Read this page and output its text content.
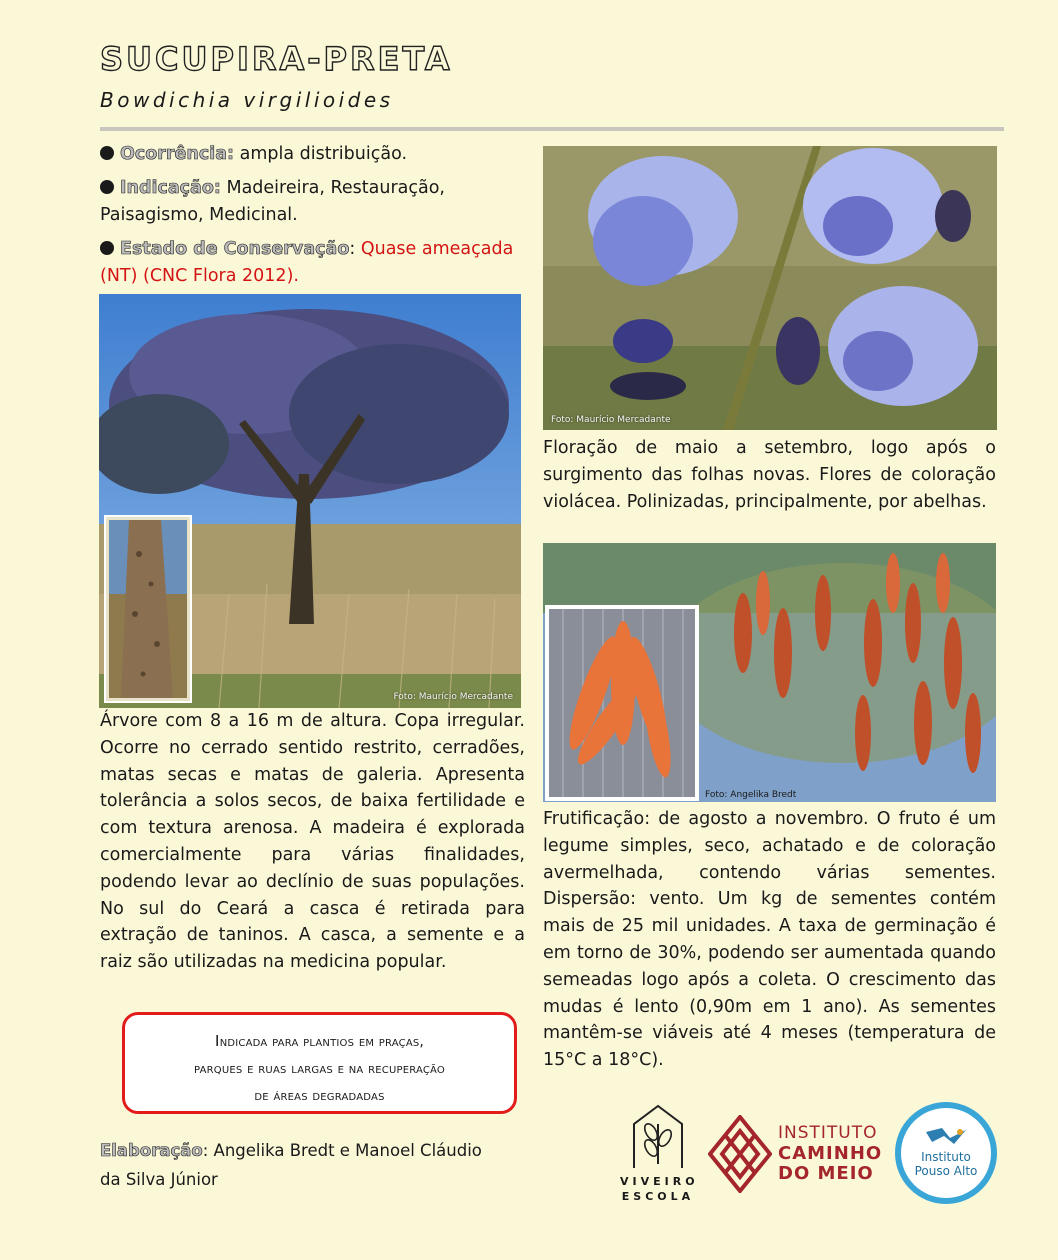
SUCUPIRA-PRETA
Bowdichia virgilioides
Ocorrência: ampla distribuição.
Indicação: Madeireira, Restauração, Paisagismo, Medicinal.
Estado de Conservação: Quase ameaçada (NT) (CNC Flora 2012).
Foto: Maurício Mercadante
Árvore com 8 a 16 m de altura. Copa irregular. Ocorre no cerrado sentido restrito, cerradões, matas secas e matas de galeria. Apresenta tolerância a solos secos, de baixa fertilidade e com textura arenosa. A madeira é explorada comercialmente para várias finalidades, podendo levar ao declínio de suas populações. No sul do Ceará a casca é retirada para extração de taninos. A casca, a semente e a raiz são utilizadas na medicina popular.
Indicada para plantios em praças,
parques e ruas largas e na recuperação
de áreas degradadas
Elaboração: Angelika Bredt e Manoel Cláudio da Silva Júnior
Foto: Maurício Mercadante
Floração de maio a setembro, logo após o surgimento das folhas novas. Flores de coloração violácea. Polinizadas, principalmente, por abelhas.
Foto: Angelika Bredt
Frutificação: de agosto a novembro. O fruto é um legume simples, seco, achatado e de coloração avermelhada, contendo várias sementes. Dispersão: vento. Um kg de sementes contém mais de 25 mil unidades. A taxa de germinação é em torno de 30%, podendo ser aumentada quando semeadas logo após a coleta. O crescimento das mudas é lento (0,90m em 1 ano). As sementes mantêm-se viáveis até 4 meses (temperatura de 15°C a 18°C).
VIVEIRO
ESCOLA
INSTITUTO
CAMINHO
DO MEIO
Instituto
Pouso Alto
